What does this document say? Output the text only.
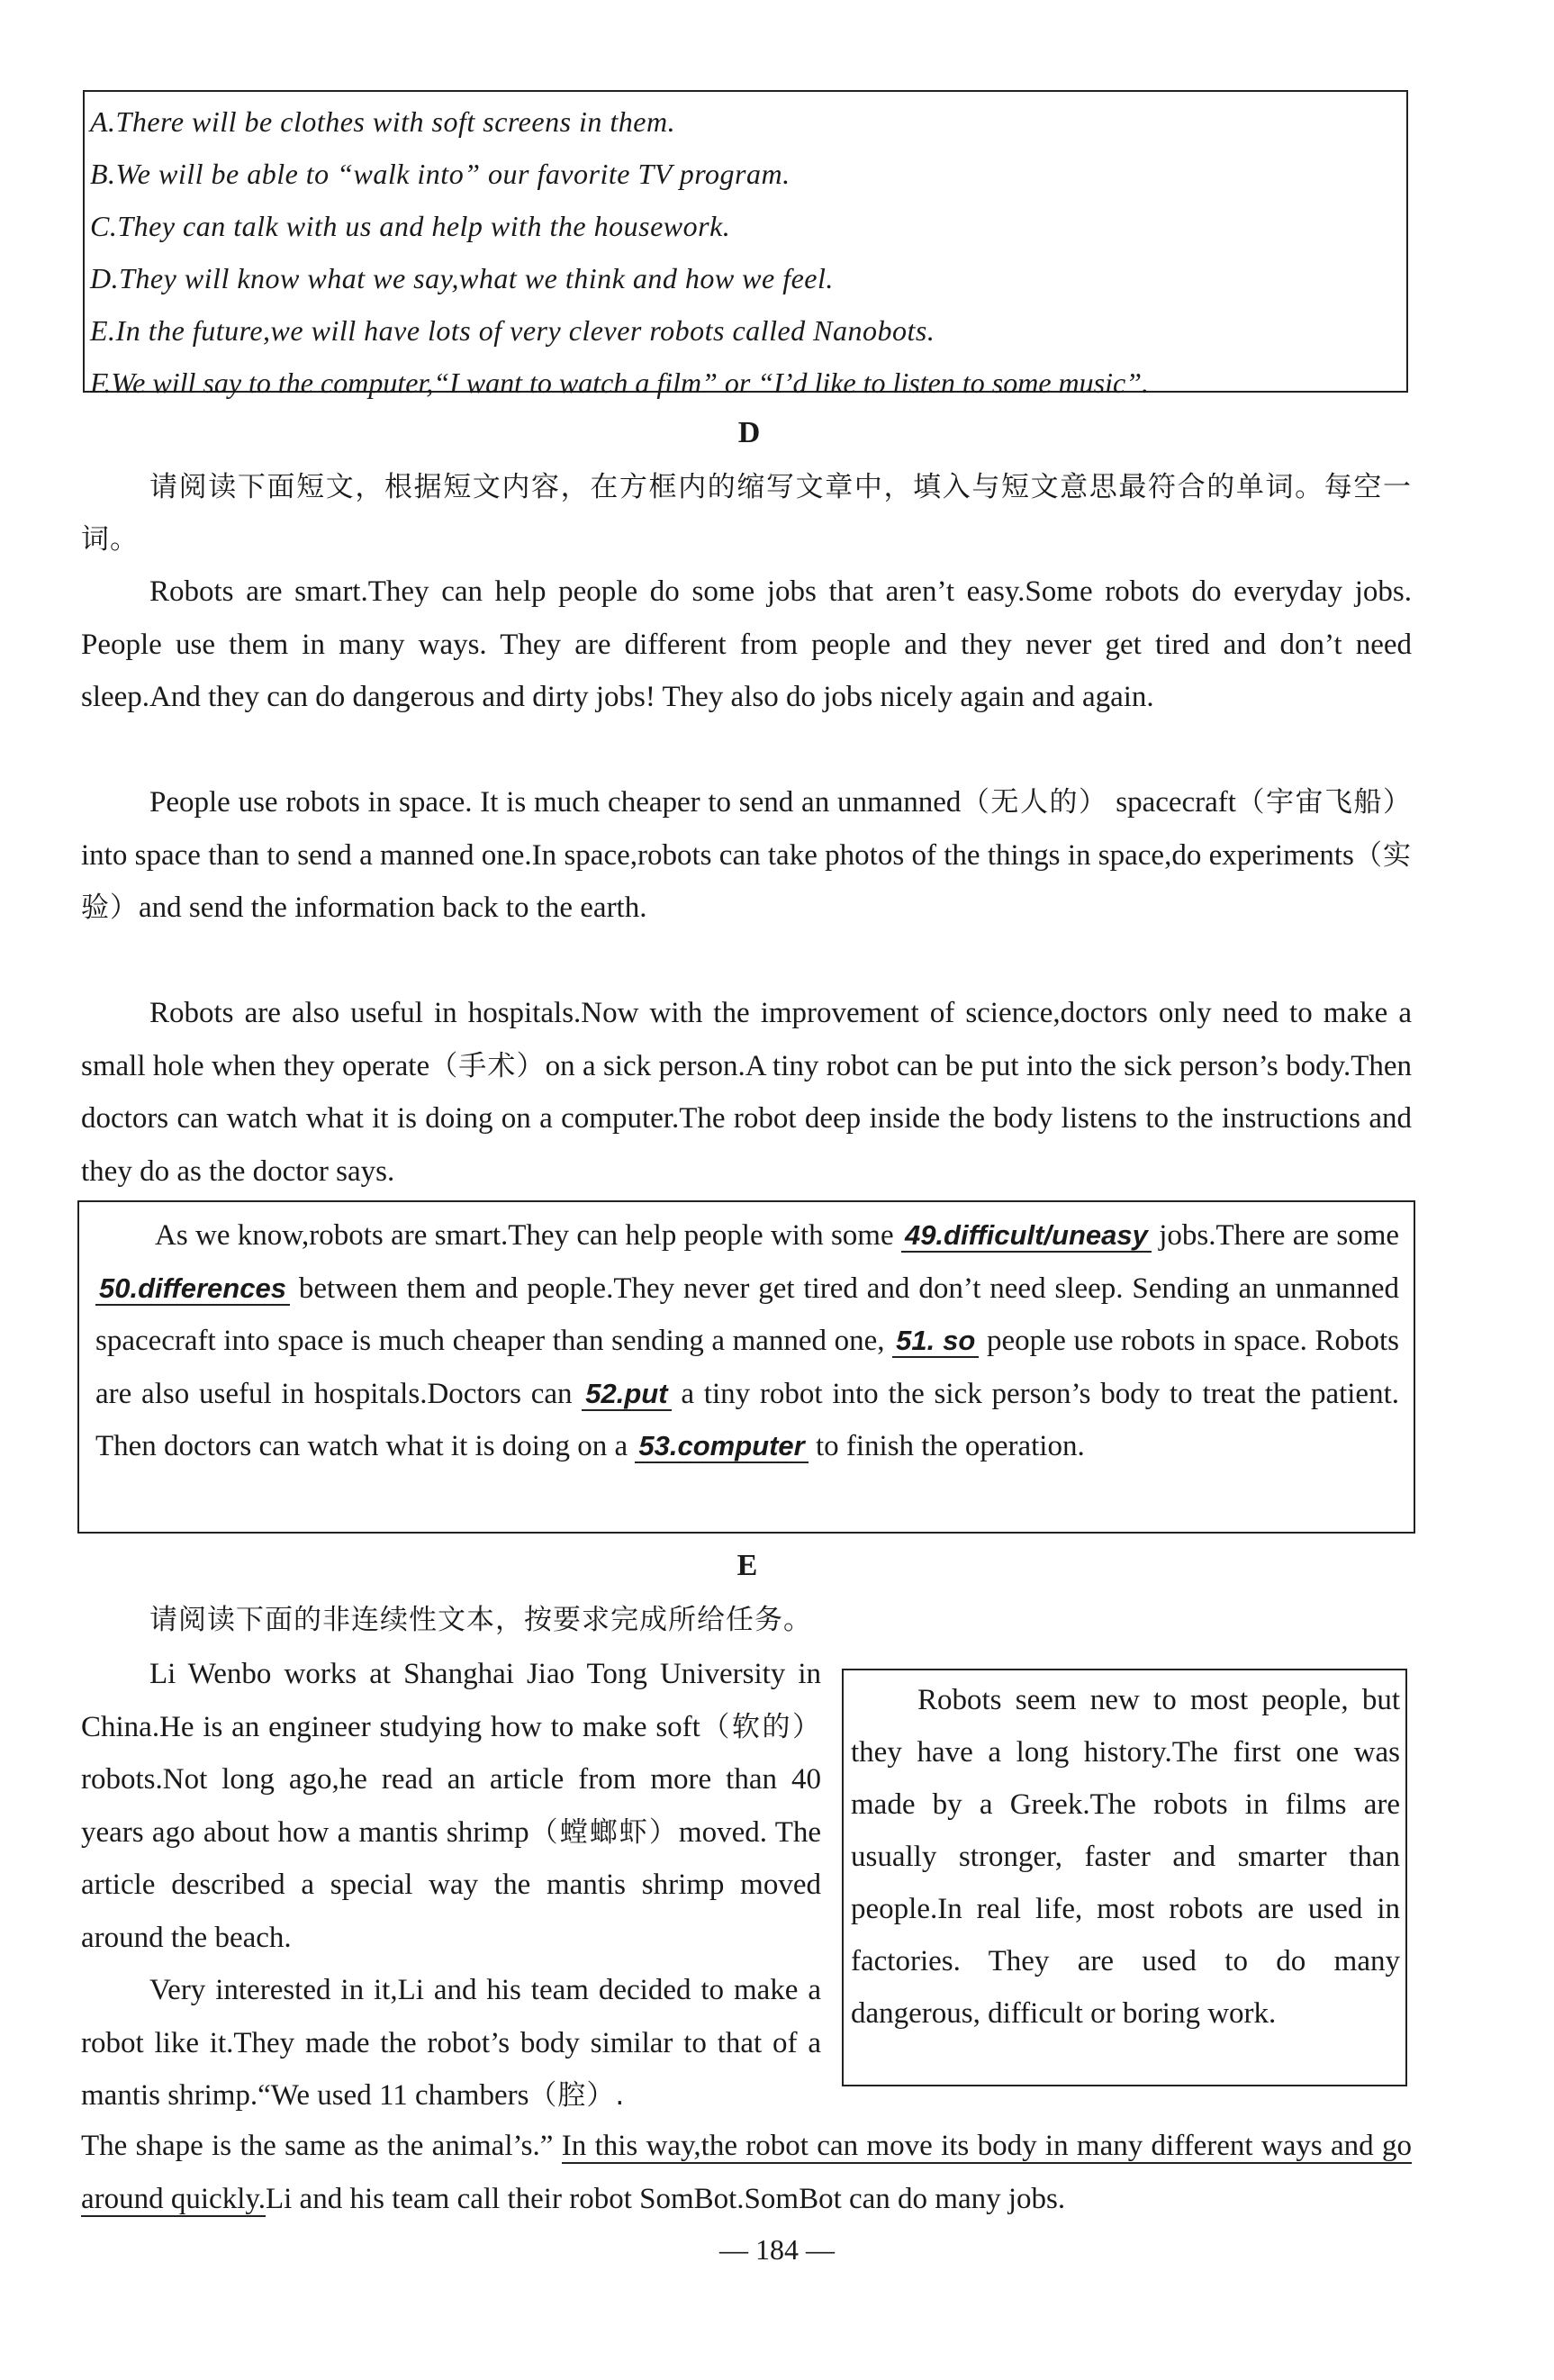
A.There will be clothes with soft screens in them.
B.We will be able to “walk into” our favorite TV program.
C.They can talk with us and help with the housework.
D.They will know what we say,what we think and how we feel.
E.In the future,we will have lots of very clever robots called Nanobots.
F.We will say to the computer,“I want to watch a film” or “I’d like to listen to some music”.
D

请阅读下面短文，根据短文内容，在方框内的缩写文章中，填入与短文意思最符合的单词。每空一词。

Robots are smart.They can help people do some jobs that aren’t easy.Some robots do everyday jobs. People use them in many ways. They are different from people and they never get tired and don’t need sleep.And they can do dangerous and dirty jobs! They also do jobs nicely again and again.

People use robots in space. It is much cheaper to send an unmanned（无人的） spacecraft（宇宙飞船）into space than to send a manned one.In space,robots can take photos of the things in space,do experiments（实验）and send the information back to the earth.

Robots are also useful in hospitals.Now with the improvement of science,doctors only need to make a small hole when they operate（手术）on a sick person.A tiny robot can be put into the sick person’s body.Then doctors can watch what it is doing on a computer.The robot deep inside the body listens to the instructions and they do as the doctor says.

As we know,robots are smart.They can help people with some 49.difficult/uneasy jobs.There are some 50.differences between them and people.They never get tired and don’t need sleep. Sending an unmanned spacecraft into space is much cheaper than sending a manned one, 51. so people use robots in space. Robots are also useful in hospitals.Doctors can 52.put a tiny robot into the sick person’s body to treat the patient. Then doctors can watch what it is doing on a 53.computer to finish the operation.

E

请阅读下面的非连续性文本，按要求完成所给任务。

Li Wenbo works at Shanghai Jiao Tong University in China.He is an engineer studying how to make soft（软的）robots.Not long ago,he read an article from more than 40 years ago about how a mantis shrimp（螳螂虾）moved. The article described a special way the mantis shrimp moved around the beach.

Very interested in it,Li and his team decided to make a robot like it.They made the robot’s body similar to that of a mantis shrimp.“We used 11 chambers（腔）.

Robots seem new to most people, but they have a long history.The first one was made by a Greek.The robots in films are usually stronger, faster and smarter than people.In real life, most robots are used in factories. They are used to do many dangerous, difficult or boring work.

The shape is the same as the animal’s.” In this way,the robot can move its body in many different ways and go around quickly.Li and his team call their robot SomBot.SomBot can do many jobs.

— 184 —
